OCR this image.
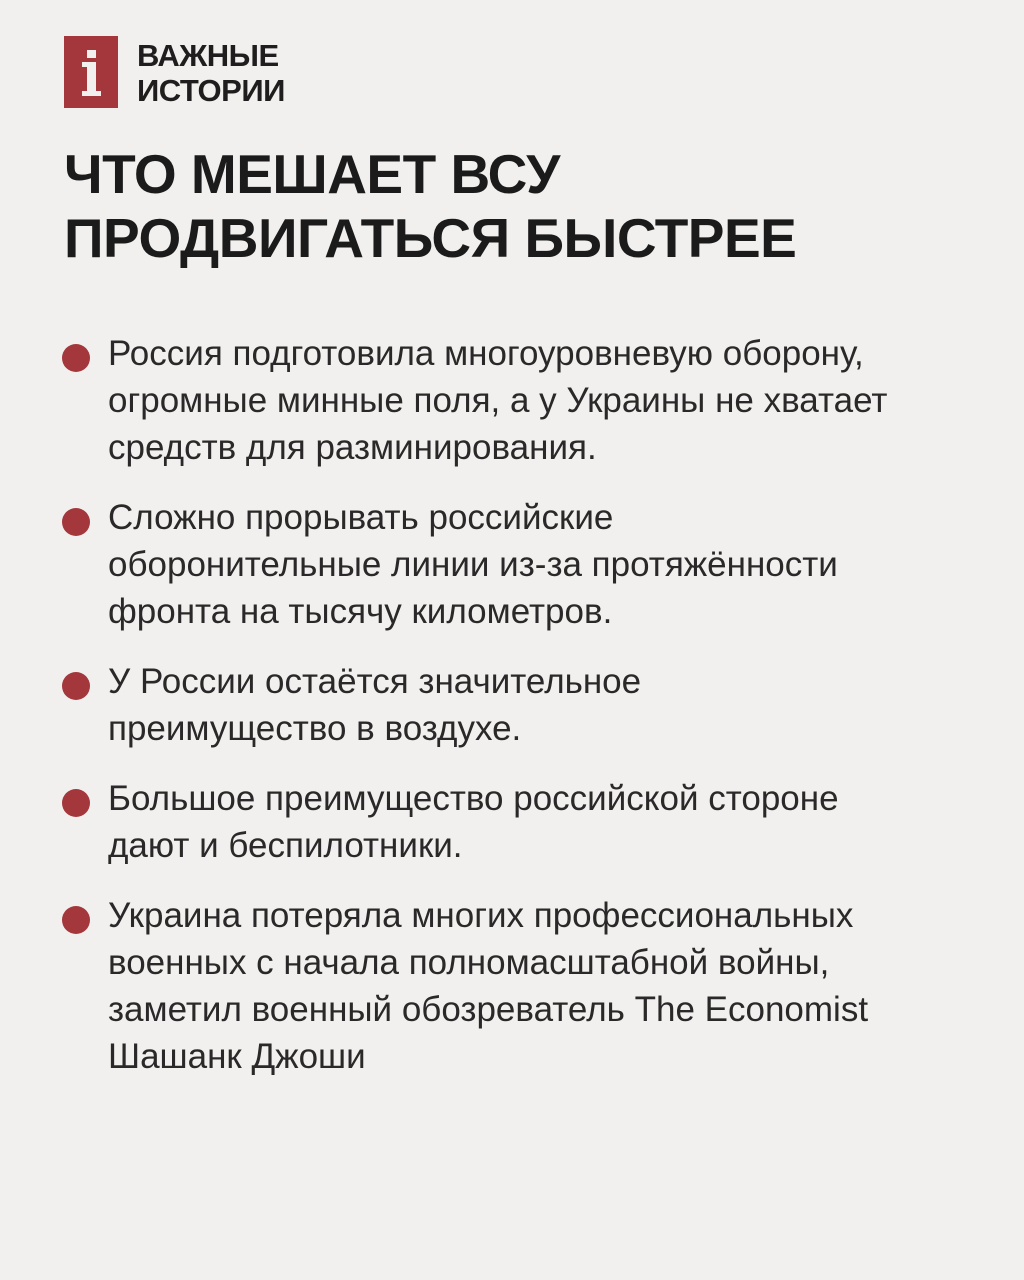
ВАЖНЫЕ
ИСТОРИИ
ЧТО МЕШАЕТ ВСУ
ПРОДВИГАТЬСЯ БЫСТРЕЕ
Россия подготовила многоуровневую оборону,
огромные минные поля, а у Украины не хватает
средств для разминирования.
Сложно прорывать российские
оборонительные линии из-за протяжённости
фронта на тысячу километров.
У России остаётся значительное
преимущество в воздухе.
Большое преимущество российской стороне
дают и беспилотники.
Украина потеряла многих профессиональных
военных с начала полномасштабной войны,
заметил военный обозреватель The Economist
Шашанк Джоши
